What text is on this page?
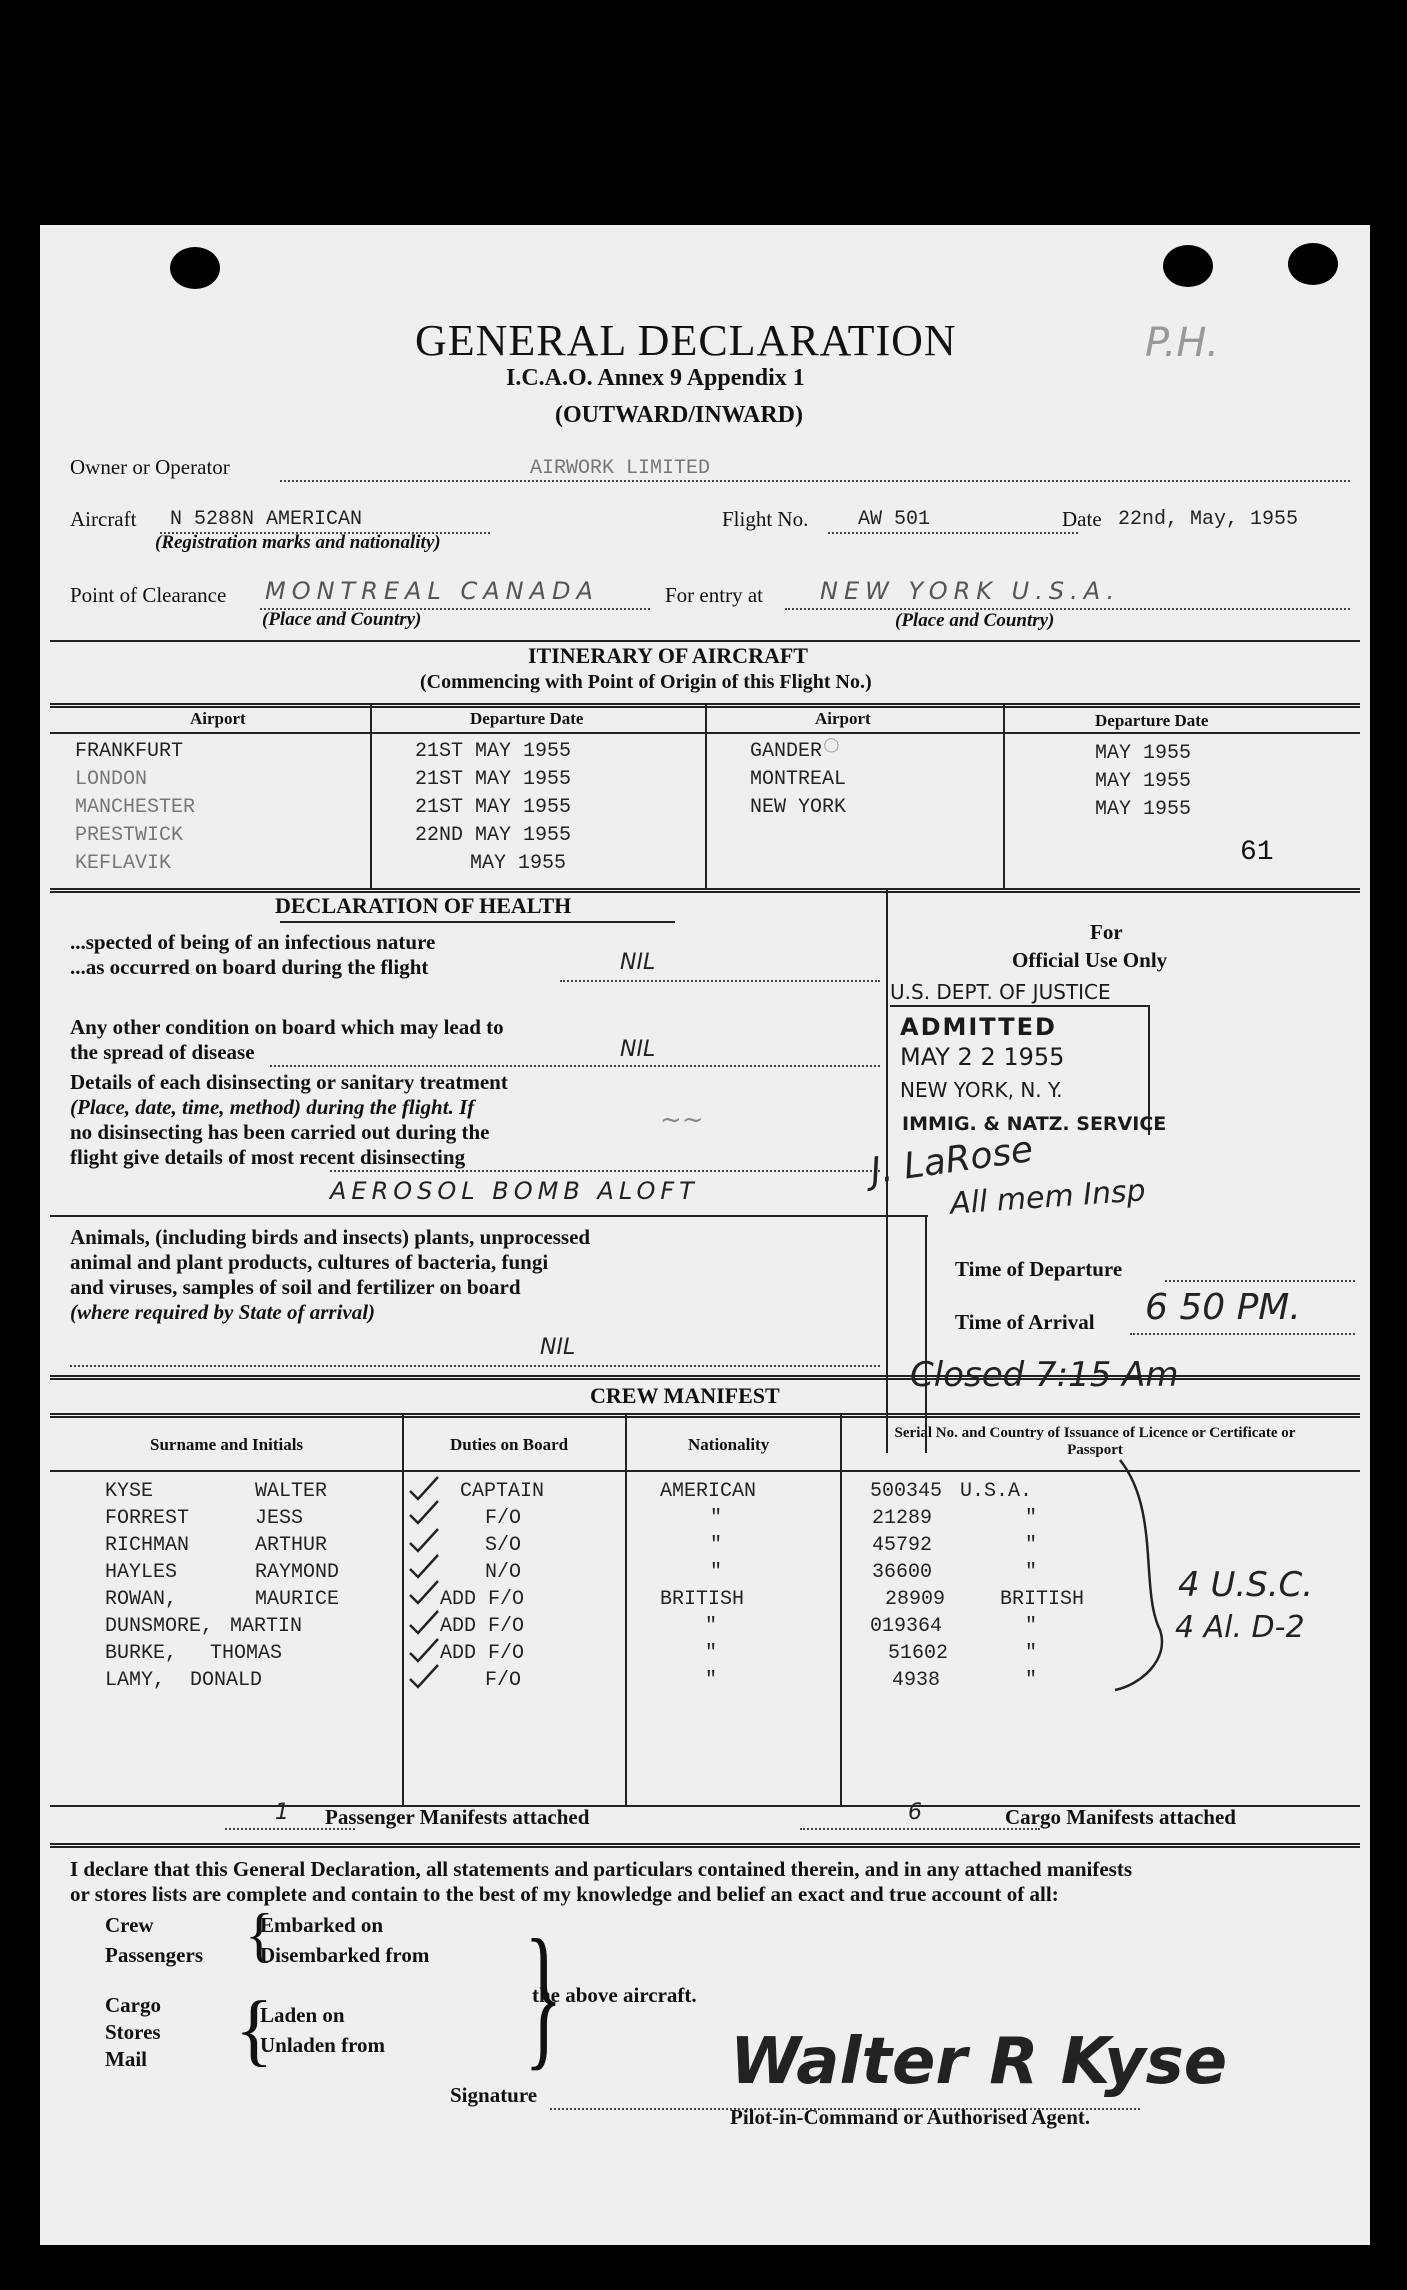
GENERAL DECLARATION
I.C.A.O. Annex 9 Appendix 1
(OUTWARD/INWARD)
P.H.
Owner or Operator	AIRWORK LIMITED
Aircraft N 5288N AMERICAN
(Registration marks and nationality)
Flight No. AW 501	Date 22nd, May, 1955
Point of Clearance MONTREAL CANADA
(Place and Country)
For entry at NEW YORK U.S.A.
(Place and Country)
ITINERARY OF AIRCRAFT
(Commencing with Point of Origin of this Flight No.)
Airport	Departure Date	Airport	Departure Date
FRANKFURT	21ST MAY 1955	GANDER	MAY 1955
LONDON	21ST MAY 1955	MONTREAL	MAY 1955
MANCHESTER	21ST MAY 1955	NEW YORK	MAY 1955
PRESTWICK	22ND MAY 1955
KEFLAVIK	MAY 1955	61
◯
DECLARATION OF HEALTH
...spected of being of an infectious nature
...as occurred on board during the flight	NIL
Any other condition on board which may lead to
the spread of disease	NIL
Details of each disinsecting or sanitary treatment
(Place, date, time, method) during the flight. If
no disinsecting has been carried out during the
flight give details of most recent disinsecting
AEROSOL BOMB ALOFT
~~
Animals, (including birds and insects) plants, unprocessed
animal and plant products, cultures of bacteria, fungi
and viruses, samples of soil and fertilizer on board
(where required by State of arrival)
NIL
For
Official Use Only
U.S. DEPT. OF JUSTICE
ADMITTED
MAY 2 2 1955
NEW YORK, N. Y.
IMMIG. & NATZ. SERVICE
J. LaRose
All mem Insp
Time of Departure
Time of Arrival 6 50 PM.
Closed 7:15 Am
CREW MANIFEST
Surname and Initials	Duties on Board	Nationality
Serial No. and Country of Issuance of Licence or Certificate or Passport
KYSE	WALTER	CAPTAIN	AMERICAN	500345 U.S.A.
FORREST	JESS	F/O	"	21289	"
RICHMAN	ARTHUR	S/O	"	45792	"
HAYLES	RAYMOND	N/O	"	36600	"
ROWAN,	MAURICE	ADD F/O	BRITISH	28909	BRITISH
DUNSMORE, MARTIN	ADD F/O	"	019364	"
BURKE, THOMAS	ADD F/O	"	51602	"
LAMY, DONALD	F/O	"	4938	"
4 U.S.C.
4 Al. D-2
1 Passenger Manifests attached	6	Cargo Manifests attached
I declare that this General Declaration, all statements and particulars contained therein, and in any attached manifests
or stores lists are complete and contain to the best of my knowledge and belief an exact and true account of all:
Crew
Passengers {
Embarked on
Disembarked from
Cargo
Stores
Mail {
Laden on
Unladen from }
the above aircraft.
Signature	Walter R Kyse
Pilot-in-Command or Authorised Agent.
